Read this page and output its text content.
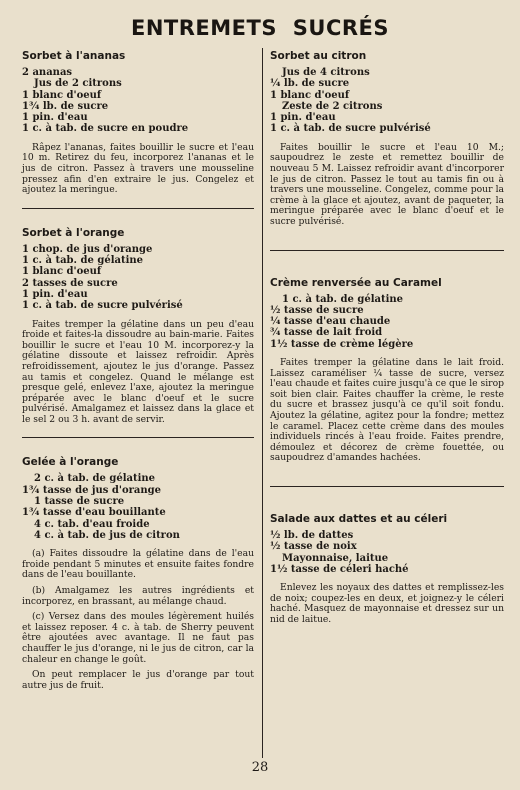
ENTREMETS SUCRÉS
Sorbet à l'ananas
2 ananas
Jus de 2 citrons
1 blanc d'oeuf
1¾ lb. de sucre
1 pin. d'eau
1 c. à tab. de sucre en poudre

Râpez l'ananas, faites bouillir le sucre et l'eau 10 m. Retirez du feu, incorporez l'ananas et le jus de citron. Passez à travers une mousseline pressez afin d'en extraire le jus. Congelez et ajoutez la meringue.

Sorbet à l'orange
1 chop. de jus d'orange
1 c. à tab. de gélatine
1 blanc d'oeuf
2 tasses de sucre
1 pin. d'eau
1 c. à tab. de sucre pulvérisé

Faites tremper la gélatine dans un peu d'eau froide et faites-la dissoudre au bain-marie. Faites bouillir le sucre et l'eau 10 M. incorporez-y la gélatine dissoute et laissez refroidir. Après refroidissement, ajoutez le jus d'orange. Passez au tamis et congelez. Quand le mélange est presque gelé, enlevez l'axe, ajoutez la meringue préparée avec le blanc d'oeuf et le sucre pulvérisé. Amalgamez et laissez dans la glace et le sel 2 ou 3 h. avant de servir.

Gelée à l'orange
2 c. à tab. de gélatine
1¾ tasse de jus d'orange
1 tasse de sucre
1¾ tasse d'eau bouillante
4 c. tab. d'eau froide
4 c. à tab. de jus de citron

(a) Faites dissoudre la gélatine dans de l'eau froide pendant 5 minutes et ensuite faites fondre dans de l'eau bouillante.

(b) Amalgamez les autres ingrédients et incorporez, en brassant, au mélange chaud.

(c) Versez dans des moules légèrement huilés et laissez reposer. 4 c. à tab. de Sherry peuvent être ajoutées avec avantage. Il ne faut pas chauffer le jus d'orange, ni le jus de citron, car la chaleur en change le goût.

On peut remplacer le jus d'orange par tout autre jus de fruit.

Sorbet au citron
Jus de 4 citrons
¼ lb. de sucre
1 blanc d'oeuf
Zeste de 2 citrons
1 pin. d'eau
1 c. à tab. de sucre pulvérisé

Faites bouillir le sucre et l'eau 10 M.; saupoudrez le zeste et remettez bouillir de nouveau 5 M. Laissez refroidir avant d'incorporer le jus de citron. Passez le tout au tamis fin ou à travers une mousseline. Congelez, comme pour la crème à la glace et ajoutez, avant de paqueter, la meringue préparée avec le blanc d'oeuf et le sucre pulvérisé.

Crème renversée au Caramel
1 c. à tab. de gélatine
½ tasse de sucre
¼ tasse d'eau chaude
¾ tasse de lait froid
1½ tasse de crème légère

Faites tremper la gélatine dans le lait froid. Laissez caraméliser ¼ tasse de sucre, versez l'eau chaude et faites cuire jusqu'à ce que le sirop soit bien clair. Faites chauffer la crème, le reste du sucre et brassez jusqu'à ce qu'il soit fondu. Ajoutez la gélatine, agitez pour la fondre; mettez le caramel. Placez cette crème dans des moules individuels rincés à l'eau froide. Faites prendre, démoulez et décorez de crème fouettée, ou saupoudrez d'amandes hachées.

Salade aux dattes et au céleri
½ lb. de dattes
½ tasse de noix
Mayonnaise, laitue
1½ tasse de céleri haché

Enlevez les noyaux des dattes et remplissez-les de noix; coupez-les en deux, et joignez-y le céleri haché. Masquez de mayonnaise et dressez sur un nid de laitue.

28
